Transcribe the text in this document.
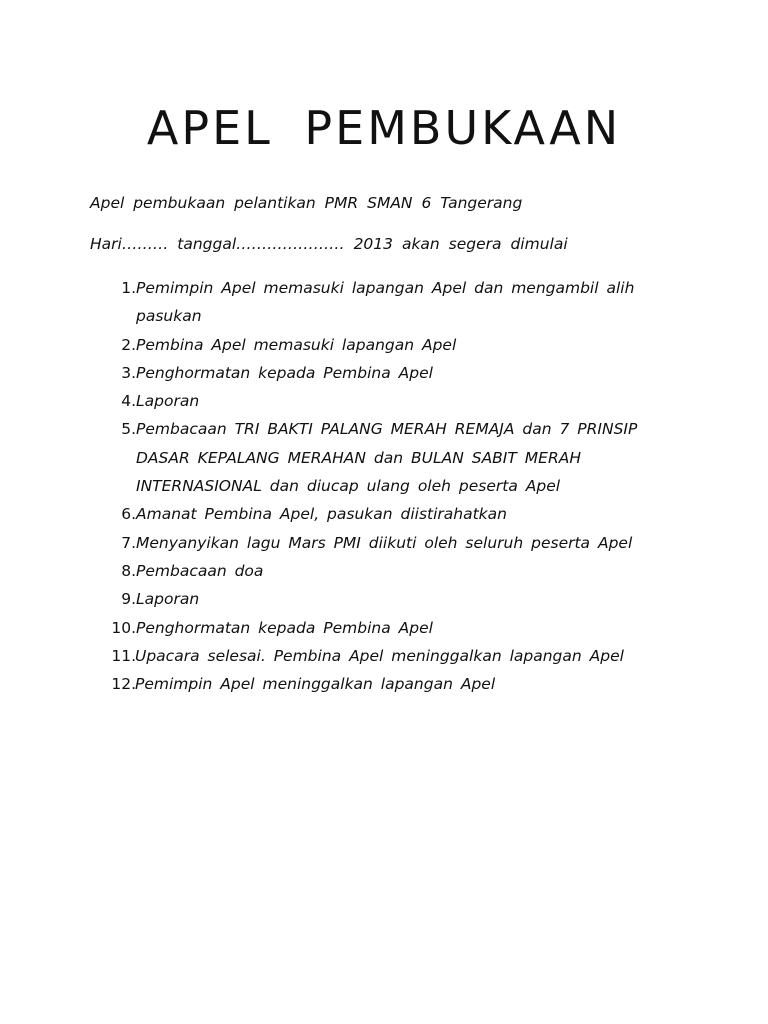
APEL PEMBUKAAN

Apel pembukaan pelantikan PMR SMAN 6 Tangerang

Hari……… tanggal………………… 2013 akan segera dimulai

1. Pemimpin Apel memasuki lapangan Apel dan mengambil alih pasukan
2. Pembina Apel memasuki lapangan Apel
3. Penghormatan kepada Pembina Apel
4. Laporan
5. Pembacaan TRI BAKTI PALANG MERAH REMAJA dan 7 PRINSIP DASAR KEPALANG MERAHAN dan BULAN SABIT MERAH INTERNASIONAL dan diucap ulang oleh peserta Apel
6. Amanat Pembina Apel, pasukan diistirahatkan
7. Menyanyikan lagu Mars PMI diikuti oleh seluruh peserta Apel
8. Pembacaan doa
9. Laporan
10. Penghormatan kepada Pembina Apel
11. Upacara selesai. Pembina Apel meninggalkan lapangan Apel
12. Pemimpin Apel meninggalkan lapangan Apel
